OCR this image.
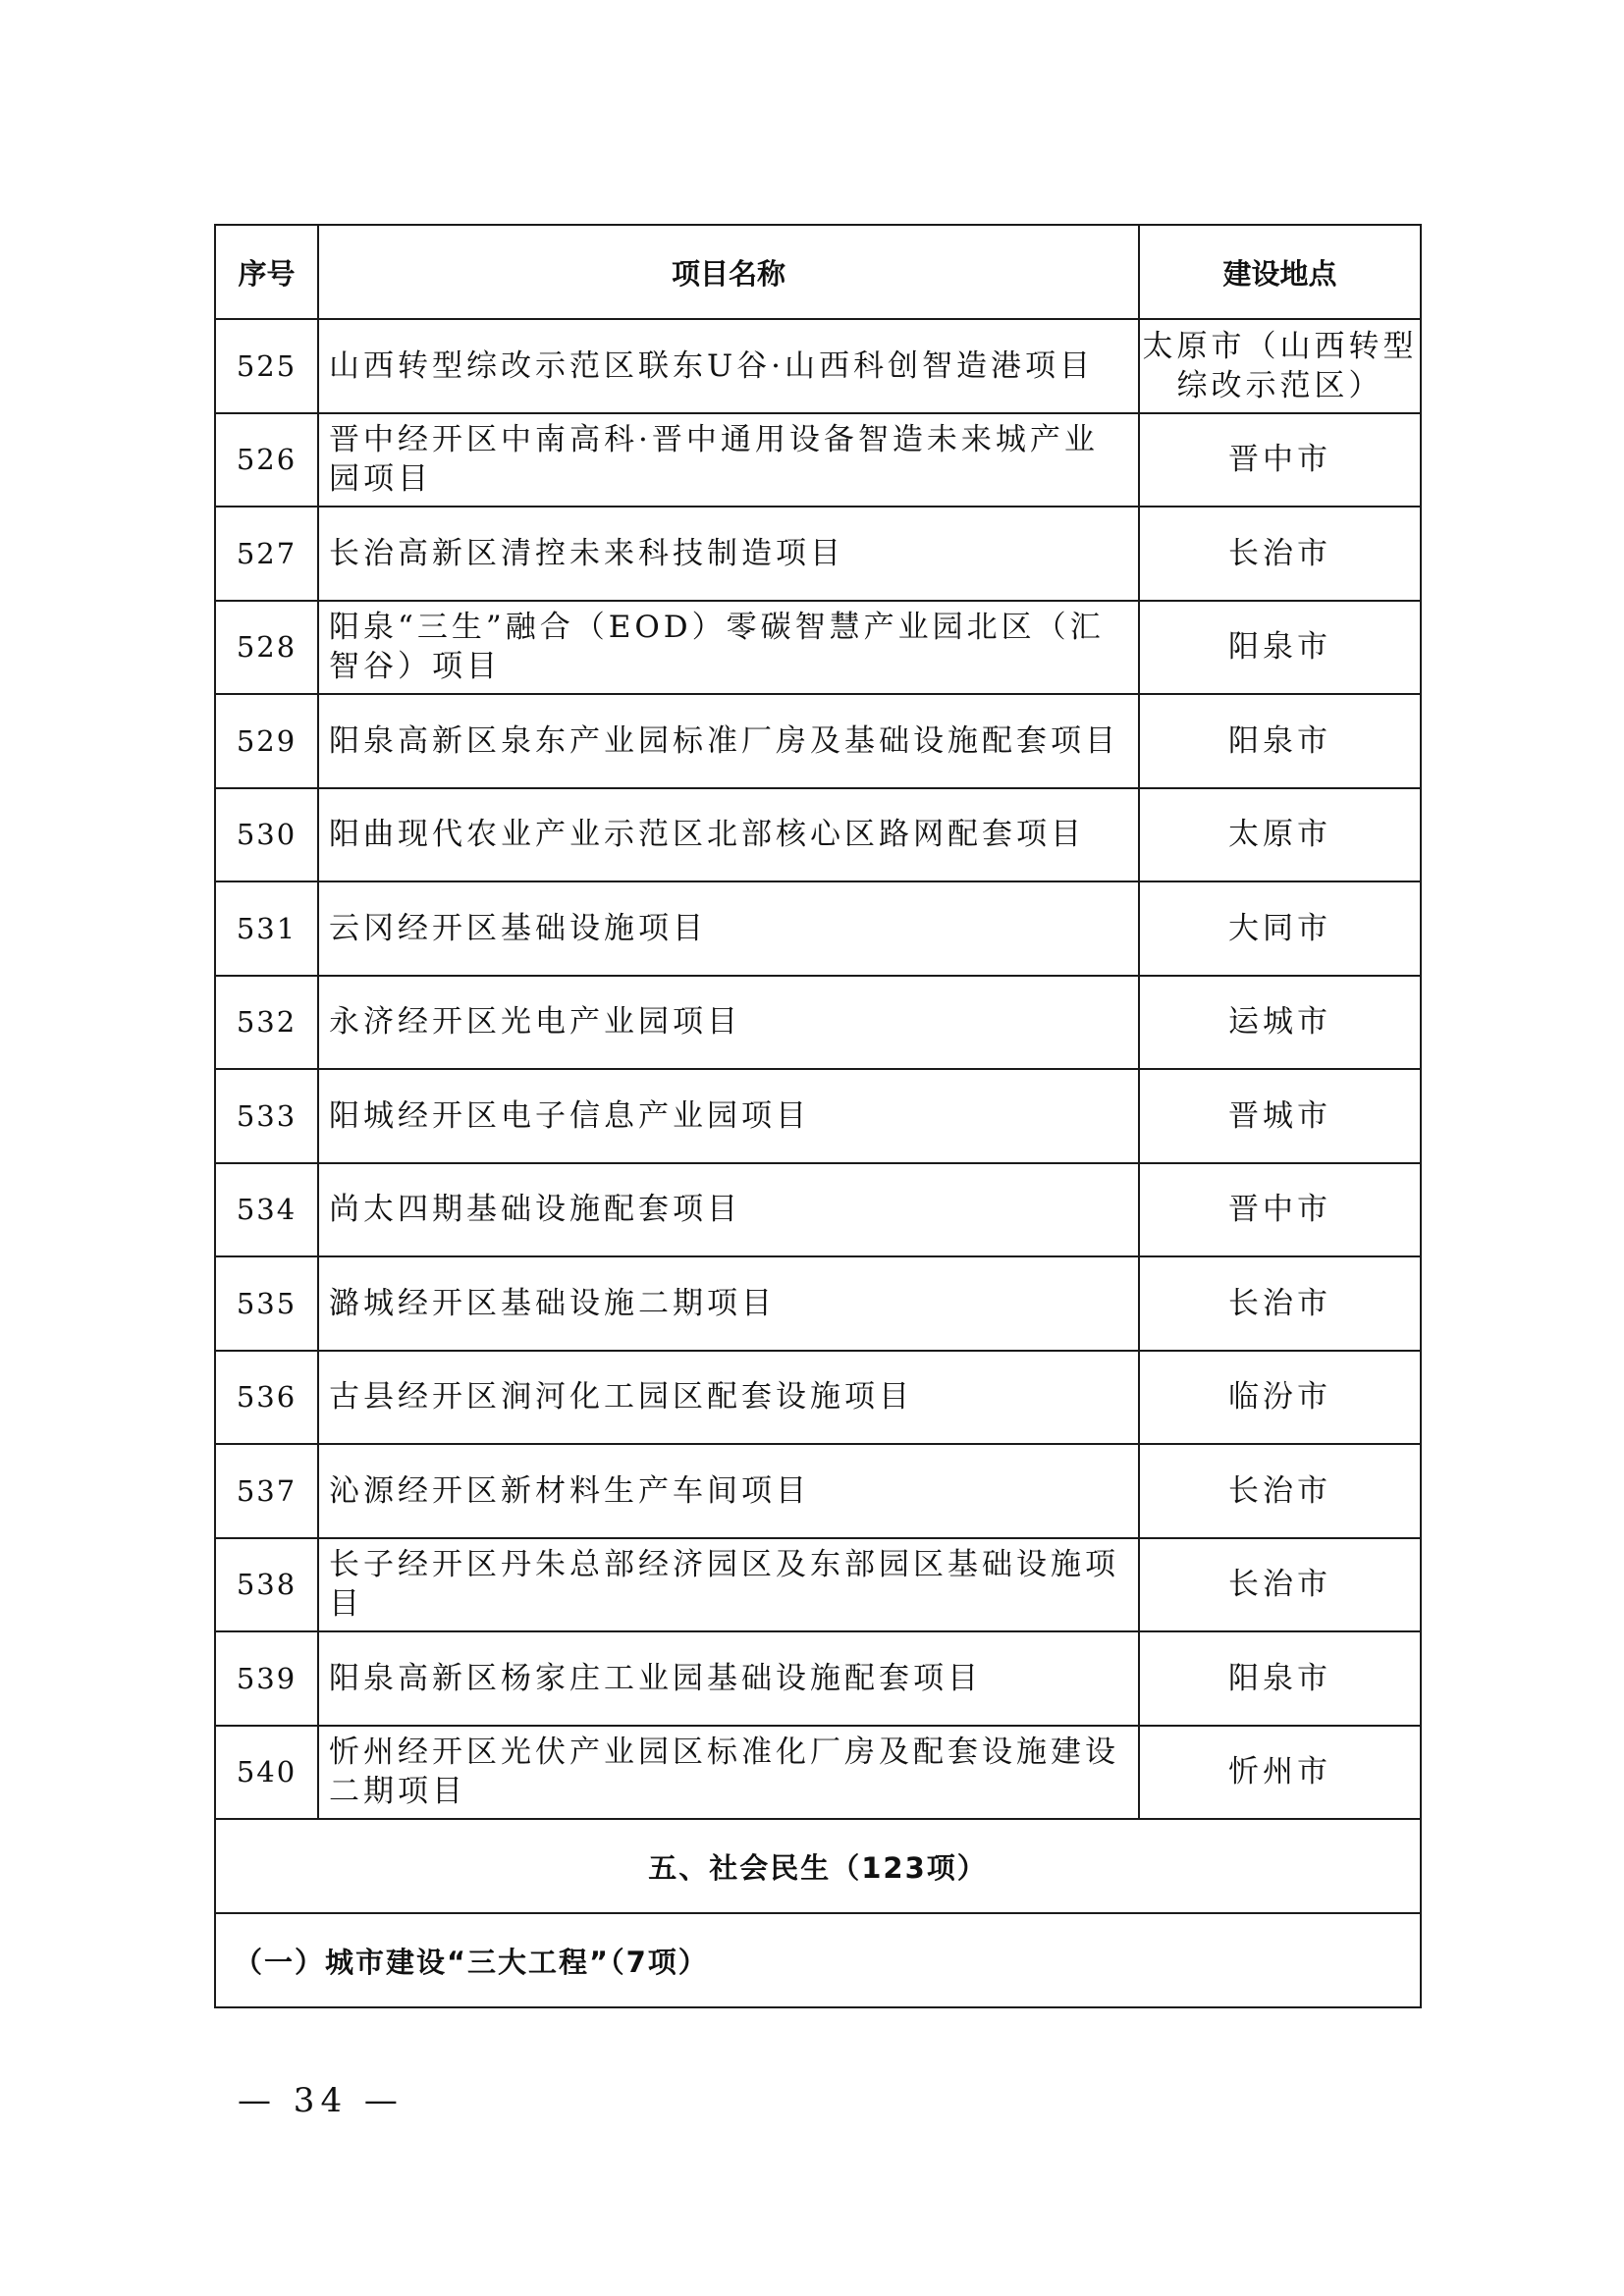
序号	项目名称	建设地点
525	山西转型综改示范区联东U谷·山西科创智造港项目	太原市（山西转型综改示范区）
526	晋中经开区中南高科·晋中通用设备智造未来城产业园项目	晋中市
527	长治高新区清控未来科技制造项目	长治市
528	阳泉“三生”融合（EOD）零碳智慧产业园北区（汇智谷）项目	阳泉市
529	阳泉高新区泉东产业园标准厂房及基础设施配套项目	阳泉市
530	阳曲现代农业产业示范区北部核心区路网配套项目	太原市
531	云冈经开区基础设施项目	大同市
532	永济经开区光电产业园项目	运城市
533	阳城经开区电子信息产业园项目	晋城市
534	尚太四期基础设施配套项目	晋中市
535	潞城经开区基础设施二期项目	长治市
536	古县经开区涧河化工园区配套设施项目	临汾市
537	沁源经开区新材料生产车间项目	长治市
538	长子经开区丹朱总部经济园区及东部园区基础设施项目	长治市
539	阳泉高新区杨家庄工业园基础设施配套项目	阳泉市
540	忻州经开区光伏产业园区标准化厂房及配套设施建设二期项目	忻州市
五、社会民生（123项）		
（一）城市建设“三大工程”（7项）		
— 34 —
